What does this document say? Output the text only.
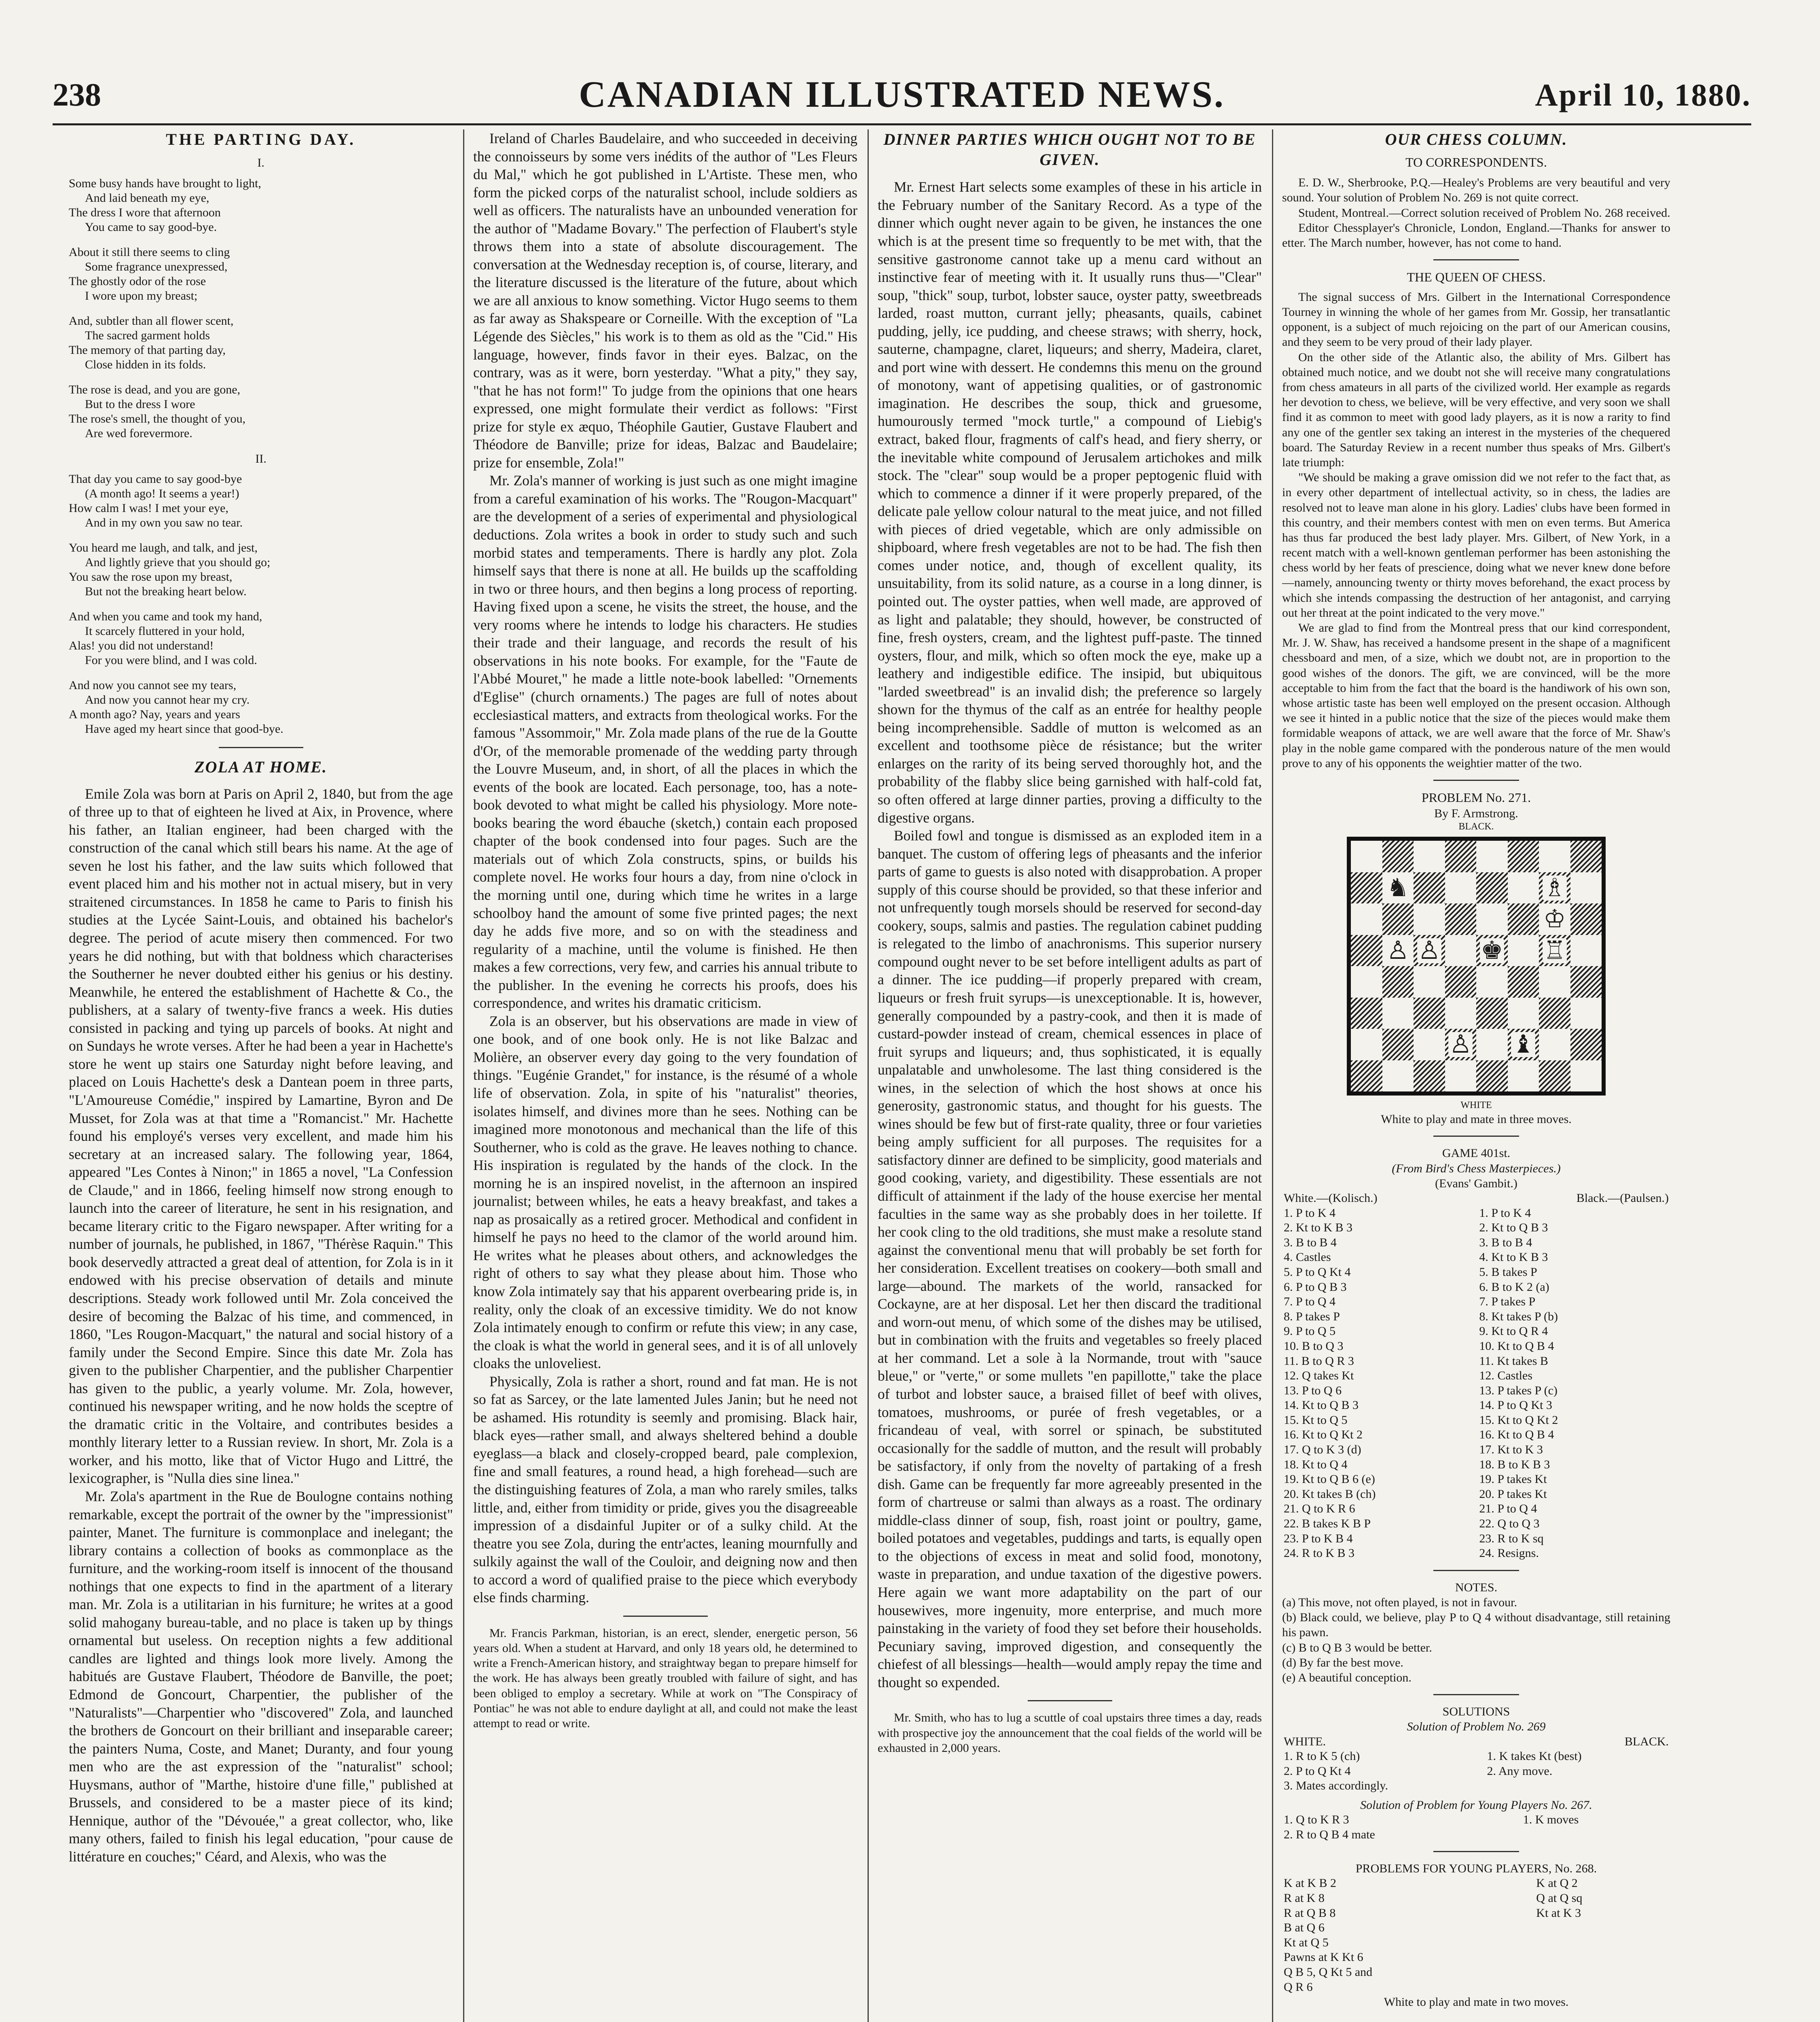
238	CANADIAN ILLUSTRATED NEWS.	April 10, 1880.
THE PARTING DAY.
I.
Some busy hands have brought to light,
And laid beneath my eye,
The dress I wore that afternoon
You came to say good-bye.
About it still there seems to cling
Some fragrance unexpressed,
The ghostly odor of the rose
I wore upon my breast;
And, subtler than all flower scent,
The sacred garment holds
The memory of that parting day,
Close hidden in its folds.
The rose is dead, and you are gone,
But to the dress I wore
The rose's smell, the thought of you,
Are wed forevermore.
II.
That day you came to say good-bye
(A month ago! It seems a year!)
How calm I was! I met your eye,
And in my own you saw no tear.
You heard me laugh, and talk, and jest,
And lightly grieve that you should go;
You saw the rose upon my breast,
But not the breaking heart below.
And when you came and took my hand,
It scarcely fluttered in your hold,
Alas! you did not understand!
For you were blind, and I was cold.
And now you cannot see my tears,
And now you cannot hear my cry.
A month ago? Nay, years and years
Have aged my heart since that good-bye.
ZOLA AT HOME.

Emile Zola was born at Paris on April 2, 1840, but from the age of three up to that of eighteen he lived at Aix, in Provence, where his father, an Italian engineer, had been charged with the construction of the canal which still bears his name. At the age of seven he lost his father, and the law suits which followed that event placed him and his mother not in actual misery, but in very straitened circumstances. In 1858 he came to Paris to finish his studies at the Lycée Saint-Louis, and obtained his bachelor's degree. The period of acute misery then commenced. For two years he did nothing, but with that boldness which characterises the Southerner he never doubted either his genius or his destiny. Meanwhile, he entered the establishment of Hachette & Co., the publishers, at a salary of twenty-five francs a week. His duties consisted in packing and tying up parcels of books. At night and on Sundays he wrote verses. After he had been a year in Hachette's store he went up stairs one Saturday night before leaving, and placed on Louis Hachette's desk a Dantean poem in three parts, "L'Amoureuse Comédie," inspired by Lamartine, Byron and De Musset, for Zola was at that time a "Romancist." Mr. Hachette found his employé's verses very excellent, and made him his secretary at an increased salary. The following year, 1864, appeared "Les Contes à Ninon;" in 1865 a novel, "La Confession de Claude," and in 1866, feeling himself now strong enough to launch into the career of literature, he sent in his resignation, and became literary critic to the Figaro newspaper. After writing for a number of journals, he published, in 1867, "Thérèse Raquin." This book deservedly attracted a great deal of attention, for Zola is in it endowed with his precise observation of details and minute descriptions. Steady work followed until Mr. Zola conceived the desire of becoming the Balzac of his time, and commenced, in 1860, "Les Rougon-Macquart," the natural and social history of a family under the Second Empire. Since this date Mr. Zola has given to the publisher Charpentier, and the publisher Charpentier has given to the public, a yearly volume. Mr. Zola, however, continued his newspaper writing, and he now holds the sceptre of the dramatic critic in the Voltaire, and contributes besides a monthly literary letter to a Russian review. In short, Mr. Zola is a worker, and his motto, like that of Victor Hugo and Littré, the lexicographer, is "Nulla dies sine linea."

Mr. Zola's apartment in the Rue de Boulogne contains nothing remarkable, except the portrait of the owner by the "impressionist" painter, Manet. The furniture is commonplace and inelegant; the library contains a collection of books as commonplace as the furniture, and the working-room itself is innocent of the thousand nothings that one expects to find in the apartment of a literary man. Mr. Zola is a utilitarian in his furniture; he writes at a good solid mahogany bureau-table, and no place is taken up by things ornamental but useless. On reception nights a few additional candles are lighted and things look more lively. Among the habitués are Gustave Flaubert, Théodore de Banville, the poet; Edmond de Goncourt, Charpentier, the publisher of the "Naturalists"—Charpentier who "discovered" Zola, and launched the brothers de Goncourt on their brilliant and inseparable career; the painters Numa, Coste, and Manet; Duranty, and four young men who are the ast expression of the "naturalist" school; Huysmans, author of "Marthe, histoire d'une fille," published at Brussels, and considered to be a master piece of its kind; Hennique, author of the "Dévouée," a great collector, who, like many others, failed to finish his legal education, "pour cause de littérature en couches;" Céard, and Alexis, who was the

Ireland of Charles Baudelaire, and who succeeded in deceiving the connoisseurs by some vers inédits of the author of "Les Fleurs du Mal," which he got published in L'Artiste. These men, who form the picked corps of the naturalist school, include soldiers as well as officers. The naturalists have an unbounded veneration for the author of "Madame Bovary." The perfection of Flaubert's style throws them into a state of absolute discouragement. The conversation at the Wednesday reception is, of course, literary, and the literature discussed is the literature of the future, about which we are all anxious to know something. Victor Hugo seems to them as far away as Shakspeare or Corneille. With the exception of "La Légende des Siècles," his work is to them as old as the "Cid." His language, however, finds favor in their eyes. Balzac, on the contrary, was as it were, born yesterday. "What a pity," they say, "that he has not form!" To judge from the opinions that one hears expressed, one might formulate their verdict as follows: "First prize for style ex æquo, Théophile Gautier, Gustave Flaubert and Théodore de Banville; prize for ideas, Balzac and Baudelaire; prize for ensemble, Zola!"

Mr. Zola's manner of working is just such as one might imagine from a careful examination of his works. The "Rougon-Macquart" are the development of a series of experimental and physiological deductions. Zola writes a book in order to study such and such morbid states and temperaments. There is hardly any plot. Zola himself says that there is none at all. He builds up the scaffolding in two or three hours, and then begins a long process of reporting. Having fixed upon a scene, he visits the street, the house, and the very rooms where he intends to lodge his characters. He studies their trade and their language, and records the result of his observations in his note books. For example, for the "Faute de l'Abbé Mouret," he made a little note-book labelled: "Ornements d'Eglise" (church ornaments.) The pages are full of notes about ecclesiastical matters, and extracts from theological works. For the famous "Assommoir," Mr. Zola made plans of the rue de la Goutte d'Or, of the memorable promenade of the wedding party through the Louvre Museum, and, in short, of all the places in which the events of the book are located. Each personage, too, has a note-book devoted to what might be called his physiology. More note-books bearing the word ébauche (sketch,) contain each proposed chapter of the book condensed into four pages. Such are the materials out of which Zola constructs, spins, or builds his complete novel. He works four hours a day, from nine o'clock in the morning until one, during which time he writes in a large schoolboy hand the amount of some five printed pages; the next day he adds five more, and so on with the steadiness and regularity of a machine, until the volume is finished. He then makes a few corrections, very few, and carries his annual tribute to the publisher. In the evening he corrects his proofs, does his correspondence, and writes his dramatic criticism.

Zola is an observer, but his observations are made in view of one book, and of one book only. He is not like Balzac and Molière, an observer every day going to the very foundation of things. "Eugénie Grandet," for instance, is the résumé of a whole life of observation. Zola, in spite of his "naturalist" theories, isolates himself, and divines more than he sees. Nothing can be imagined more monotonous and mechanical than the life of this Southerner, who is cold as the grave. He leaves nothing to chance. His inspiration is regulated by the hands of the clock. In the morning he is an inspired novelist, in the afternoon an inspired journalist; between whiles, he eats a heavy breakfast, and takes a nap as prosaically as a retired grocer. Methodical and confident in himself he pays no heed to the clamor of the world around him. He writes what he pleases about others, and acknowledges the right of others to say what they please about him. Those who know Zola intimately say that his apparent overbearing pride is, in reality, only the cloak of an excessive timidity. We do not know Zola intimately enough to confirm or refute this view; in any case, the cloak is what the world in general sees, and it is of all unlovely cloaks the unloveliest.

Physically, Zola is rather a short, round and fat man. He is not so fat as Sarcey, or the late lamented Jules Janin; but he need not be ashamed. His rotundity is seemly and promising. Black hair, black eyes—rather small, and always sheltered behind a double eyeglass—a black and closely-cropped beard, pale complexion, fine and small features, a round head, a high forehead—such are the distinguishing features of Zola, a man who rarely smiles, talks little, and, either from timidity or pride, gives you the disagreeable impression of a disdainful Jupiter or of a sulky child. At the theatre you see Zola, during the entr'actes, leaning mournfully and sulkily against the wall of the Couloir, and deigning now and then to accord a word of qualified praise to the piece which everybody else finds charming.

Mr. Francis Parkman, historian, is an erect, slender, energetic person, 56 years old. When a student at Harvard, and only 18 years old, he determined to write a French-American history, and straightway began to prepare himself for the work. He has always been greatly troubled with failure of sight, and has been obliged to employ a secretary. While at work on "The Conspiracy of Pontiac" he was not able to endure daylight at all, and could not make the least attempt to read or write.

DINNER PARTIES WHICH OUGHT NOT TO BE GIVEN.

Mr. Ernest Hart selects some examples of these in his article in the February number of the Sanitary Record. As a type of the dinner which ought never again to be given, he instances the one which is at the present time so frequently to be met with, that the sensitive gastronome cannot take up a menu card without an instinctive fear of meeting with it. It usually runs thus—"Clear" soup, "thick" soup, turbot, lobster sauce, oyster patty, sweetbreads larded, roast mutton, currant jelly; pheasants, quails, cabinet pudding, jelly, ice pudding, and cheese straws; with sherry, hock, sauterne, champagne, claret, liqueurs; and sherry, Madeira, claret, and port wine with dessert. He condemns this menu on the ground of monotony, want of appetising qualities, or of gastronomic imagination. He describes the soup, thick and gruesome, humourously termed "mock turtle," a compound of Liebig's extract, baked flour, fragments of calf's head, and fiery sherry, or the inevitable white compound of Jerusalem artichokes and milk stock. The "clear" soup would be a proper peptogenic fluid with which to commence a dinner if it were properly prepared, of the delicate pale yellow colour natural to the meat juice, and not filled with pieces of dried vegetable, which are only admissible on shipboard, where fresh vegetables are not to be had. The fish then comes under notice, and, though of excellent quality, its unsuitability, from its solid nature, as a course in a long dinner, is pointed out. The oyster patties, when well made, are approved of as light and palatable; they should, however, be constructed of fine, fresh oysters, cream, and the lightest puff-paste. The tinned oysters, flour, and milk, which so often mock the eye, make up a leathery and indigestible edifice. The insipid, but ubiquitous "larded sweetbread" is an invalid dish; the preference so largely shown for the thymus of the calf as an entrée for healthy people being incomprehensible. Saddle of mutton is welcomed as an excellent and toothsome pièce de résistance; but the writer enlarges on the rarity of its being served thoroughly hot, and the probability of the flabby slice being garnished with half-cold fat, so often offered at large dinner parties, proving a difficulty to the digestive organs.

Boiled fowl and tongue is dismissed as an exploded item in a banquet. The custom of offering legs of pheasants and the inferior parts of game to guests is also noted with disapprobation. A proper supply of this course should be provided, so that these inferior and not unfrequently tough morsels should be reserved for second-day cookery, soups, salmis and pasties. The regulation cabinet pudding is relegated to the limbo of anachronisms. This superior nursery compound ought never to be set before intelligent adults as part of a dinner. The ice pudding—if properly prepared with cream, liqueurs or fresh fruit syrups—is unexceptionable. It is, however, generally compounded by a pastry-cook, and then it is made of custard-powder instead of cream, chemical essences in place of fruit syrups and liqueurs; and, thus sophisticated, it is equally unpalatable and unwholesome. The last thing considered is the wines, in the selection of which the host shows at once his generosity, gastronomic status, and thought for his guests. The wines should be few but of first-rate quality, three or four varieties being amply sufficient for all purposes. The requisites for a satisfactory dinner are defined to be simplicity, good materials and good cooking, variety, and digestibility. These essentials are not difficult of attainment if the lady of the house exercise her mental faculties in the same way as she probably does in her toilette. If her cook cling to the old traditions, she must make a resolute stand against the conventional menu that will probably be set forth for her consideration. Excellent treatises on cookery—both small and large—abound. The markets of the world, ransacked for Cockayne, are at her disposal. Let her then discard the traditional and worn-out menu, of which some of the dishes may be utilised, but in combination with the fruits and vegetables so freely placed at her command. Let a sole à la Normande, trout with "sauce bleue," or "verte," or some mullets "en papillotte," take the place of turbot and lobster sauce, a braised fillet of beef with olives, tomatoes, mushrooms, or purée of fresh vegetables, or a fricandeau of veal, with sorrel or spinach, be substituted occasionally for the saddle of mutton, and the result will probably be satisfactory, if only from the novelty of partaking of a fresh dish. Game can be frequently far more agreeably presented in the form of chartreuse or salmi than always as a roast. The ordinary middle-class dinner of soup, fish, roast joint or poultry, game, boiled potatoes and vegetables, puddings and tarts, is equally open to the objections of excess in meat and solid food, monotony, waste in preparation, and undue taxation of the digestive powers. Here again we want more adaptability on the part of our housewives, more ingenuity, more enterprise, and much more painstaking in the variety of food they set before their households. Pecuniary saving, improved digestion, and consequently the chiefest of all blessings—health—would amply repay the time and thought so expended.

Mr. Smith, who has to lug a scuttle of coal upstairs three times a day, reads with prospective joy the announcement that the coal fields of the world will be exhausted in 2,000 years.

OUR CHESS COLUMN.
TO CORRESPONDENTS.

E. D. W., Sherbrooke, P.Q.—Healey's Problems are very beautiful and very sound. Your solution of Problem No. 269 is not quite correct.

Student, Montreal.—Correct solution received of Problem No. 268 received.

Editor Chessplayer's Chronicle, London, England.—Thanks for answer to etter. The March number, however, has not come to hand.

THE QUEEN OF CHESS.

The signal success of Mrs. Gilbert in the International Correspondence Tourney in winning the whole of her games from Mr. Gossip, her transatlantic opponent, is a subject of much rejoicing on the part of our American cousins, and they seem to be very proud of their lady player.

On the other side of the Atlantic also, the ability of Mrs. Gilbert has obtained much notice, and we doubt not she will receive many congratulations from chess amateurs in all parts of the civilized world. Her example as regards her devotion to chess, we believe, will be very effective, and very soon we shall find it as common to meet with good lady players, as it is now a rarity to find any one of the gentler sex taking an interest in the mysteries of the chequered board. The Saturday Review in a recent number thus speaks of Mrs. Gilbert's late triumph:

"We should be making a grave omission did we not refer to the fact that, as in every other department of intellectual activity, so in chess, the ladies are resolved not to leave man alone in his glory. Ladies' clubs have been formed in this country, and their members contest with men on even terms. But America has thus far produced the best lady player. Mrs. Gilbert, of New York, in a recent match with a well-known gentleman performer has been astonishing the chess world by her feats of prescience, doing what we never knew done before—namely, announcing twenty or thirty moves beforehand, the exact process by which she intends compassing the destruction of her antagonist, and carrying out her threat at the point indicated to the very move."

We are glad to find from the Montreal press that our kind correspondent, Mr. J. W. Shaw, has received a handsome present in the shape of a magnificent chessboard and men, of a size, which we doubt not, are in proportion to the good wishes of the donors. The gift, we are convinced, will be the more acceptable to him from the fact that the board is the handiwork of his own son, whose artistic taste has been well employed on the present occasion. Although we see it hinted in a public notice that the size of the pieces would make them formidable weapons of attack, we are well aware that the force of Mr. Shaw's play in the noble game compared with the ponderous nature of the men would prove to any of his opponents the weightier matter of the two.

PROBLEM No. 271.
By F. Armstrong.
BLACK.
♞	♗
♔
♙ ♙ ♚ ♖
♙ ♝
WHITE
White to play and mate in three moves.
GAME 401st.
(From Bird's Chess Masterpieces.)
(Evans' Gambit.)
White.—(Kolisch.)	Black.—(Paulsen.)
1. P to K 4	1. P to K 4
2. Kt to K B 3	2. Kt to Q B 3
3. B to B 4	3. B to B 4
4. Castles	4. Kt to K B 3
5. P to Q Kt 4	5. B takes P
6. P to Q B 3	6. B to K 2 (a)
7. P to Q 4	7. P takes P
8. P takes P	8. Kt takes P (b)
9. P to Q 5	9. Kt to Q R 4
10. B to Q 3	10. Kt to Q B 4
11. B to Q R 3	11. Kt takes B
12. Q takes Kt	12. Castles
13. P to Q 6	13. P takes P (c)
14. Kt to Q B 3	14. P to Q Kt 3
15. Kt to Q 5	15. Kt to Q Kt 2
16. Kt to Q Kt 2	16. Kt to Q B 4
17. Q to K 3 (d)	17. Kt to K 3
18. Kt to Q 4	18. B to K B 3
19. Kt to Q B 6 (e)	19. P takes Kt
20. Kt takes B (ch)	20. P takes Kt
21. Q to K R 6	21. P to Q 4
22. B takes K B P	22. Q to Q 3
23. P to K B 4	23. R to K sq
24. R to K B 3	24. Resigns.
NOTES.
(a) This move, not often played, is not in favour.
(b) Black could, we believe, play P to Q 4 without disadvantage, still retaining his pawn.
(c) B to Q B 3 would be better.
(d) By far the best move.
(e) A beautiful conception.
SOLUTIONS
Solution of Problem No. 269
WHITE.	BLACK.
1. R to K 5 (ch)	1. K takes Kt (best)
2. P to Q Kt 4	2. Any move.
3. Mates accordingly.	
Solution of Problem for Young Players No. 267.
1. Q to K R 3	1. K moves
2. R to Q B 4 mate	
PROBLEMS FOR YOUNG PLAYERS, No. 268.
K at K B 2
R at K 8
R at Q B 8
B at Q 6
Kt at Q 5
Pawns at K Kt 6
Q B 5, Q Kt 5 and
Q R 6

K at Q 2
Q at Q sq
Kt at K 3
White to play and mate in two moves.
